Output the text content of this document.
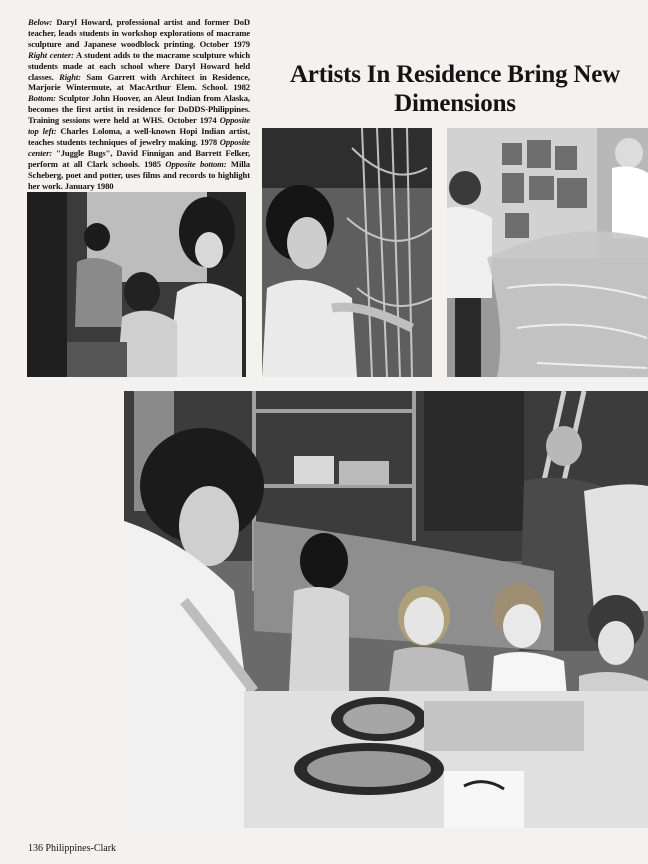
Below: Daryl Howard, professional artist and former DoD teacher, leads students in workshop explorations of macrame sculpture and Japanese woodblock printing. October 1979 Right center: A student adds to the macrame sculpture which students made at each school where Daryl Howard held classes. Right: Sam Garrett with Architect in Residence, Marjorie Wintermute, at MacArthur Elem. School. 1982 Bottom: Sculptor John Hoover, an Aleut Indian from Alaska, becomes the first artist in residence for DoDDS-Philippines. Training sessions were held at WHS. October 1974 Opposite top left: Charles Loloma, a well-known Hopi Indian artist, teaches students techniques of jewelry making. 1978 Opposite center: "Juggle Bugs", David Finnigan and Barrett Felker, perform at all Clark schools. 1985 Opposite bottom: Milla Scheberg, poet and potter, uses films and records to highlight her work. January 1980
Artists In Residence Bring New Dimensions
136 Philippines-Clark
